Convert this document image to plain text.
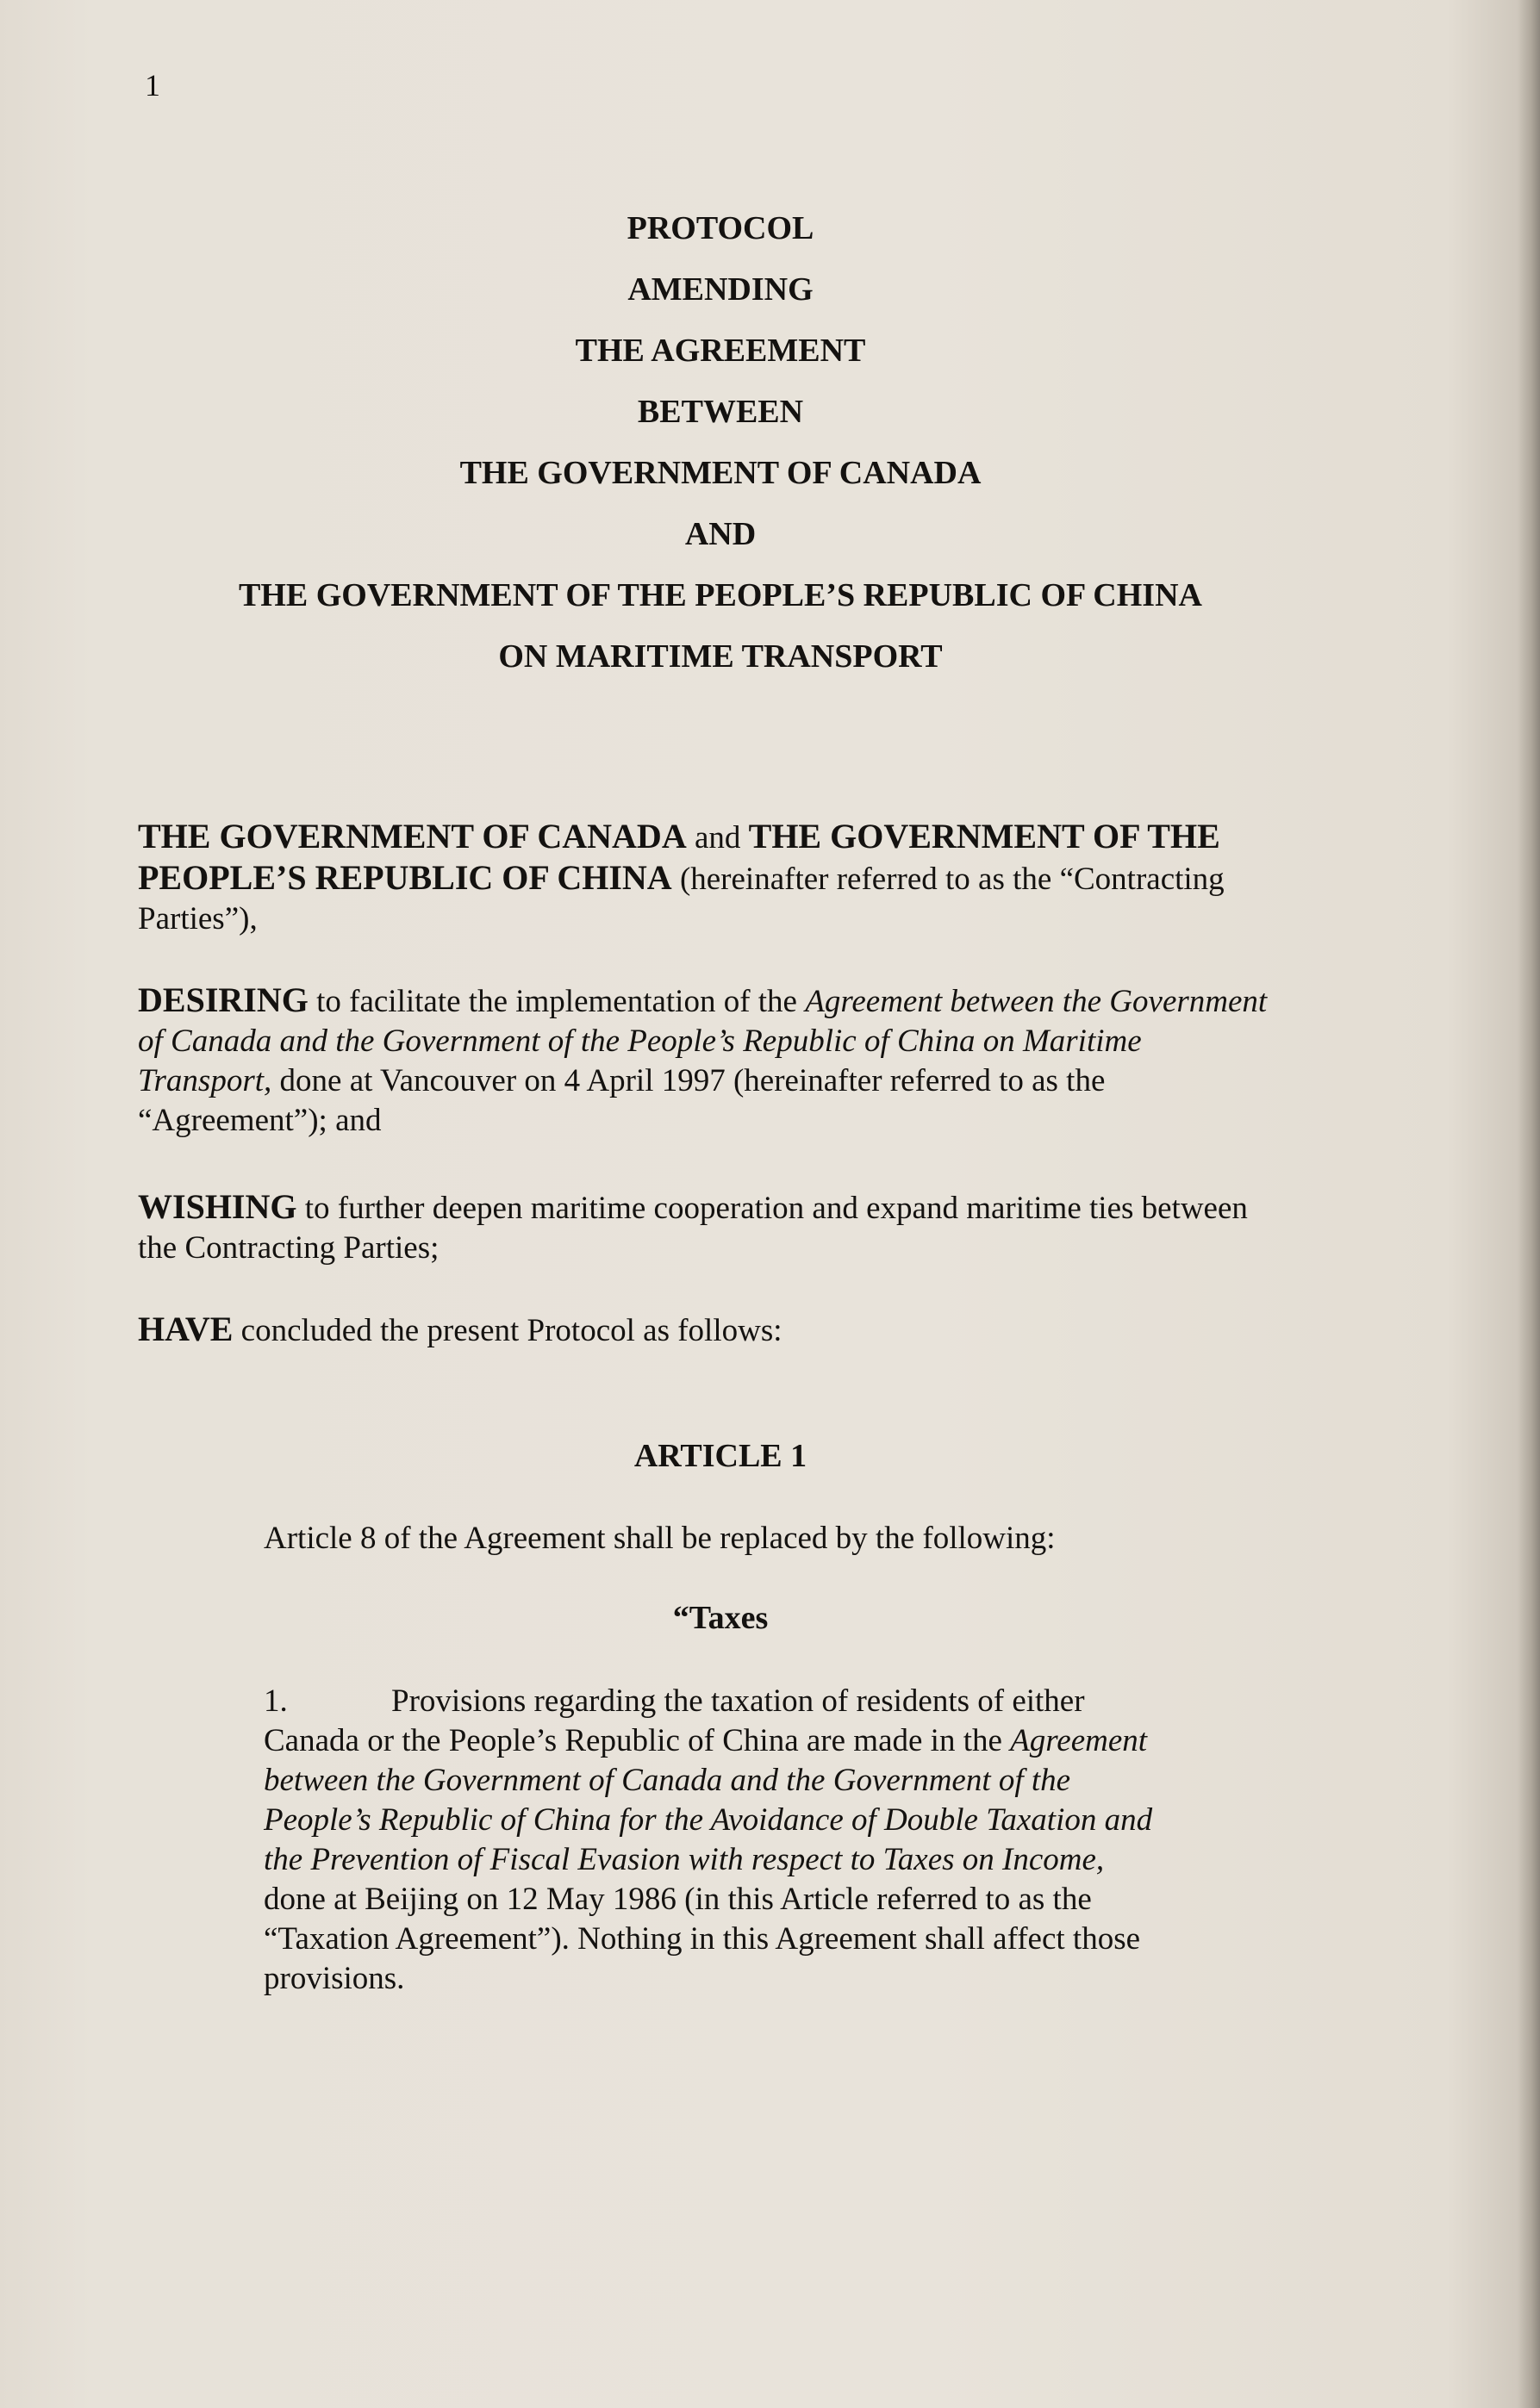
1
PROTOCOL
AMENDING
THE AGREEMENT
BETWEEN
THE GOVERNMENT OF CANADA
AND
THE GOVERNMENT OF THE PEOPLE’S REPUBLIC OF CHINA
ON MARITIME TRANSPORT
THE GOVERNMENT OF CANADA and THE GOVERNMENT OF THE PEOPLE’S REPUBLIC OF CHINA (hereinafter referred to as the “Contracting Parties”),
DESIRING to facilitate the implementation of the Agreement between the Government of Canada and the Government of the People’s Republic of China on Maritime Transport, done at Vancouver on 4 April 1997 (hereinafter referred to as the “Agreement”); and
WISHING to further deepen maritime cooperation and expand maritime ties between the Contracting Parties;
HAVE concluded the present Protocol as follows:
ARTICLE 1
Article 8 of the Agreement shall be replaced by the following:
“Taxes
1.	Provisions regarding the taxation of residents of either Canada or the People’s Republic of China are made in the Agreement between the Government of Canada and the Government of the People’s Republic of China for the Avoidance of Double Taxation and the Prevention of Fiscal Evasion with respect to Taxes on Income, done at Beijing on 12 May 1986 (in this Article referred to as the “Taxation Agreement”). Nothing in this Agreement shall affect those provisions.
